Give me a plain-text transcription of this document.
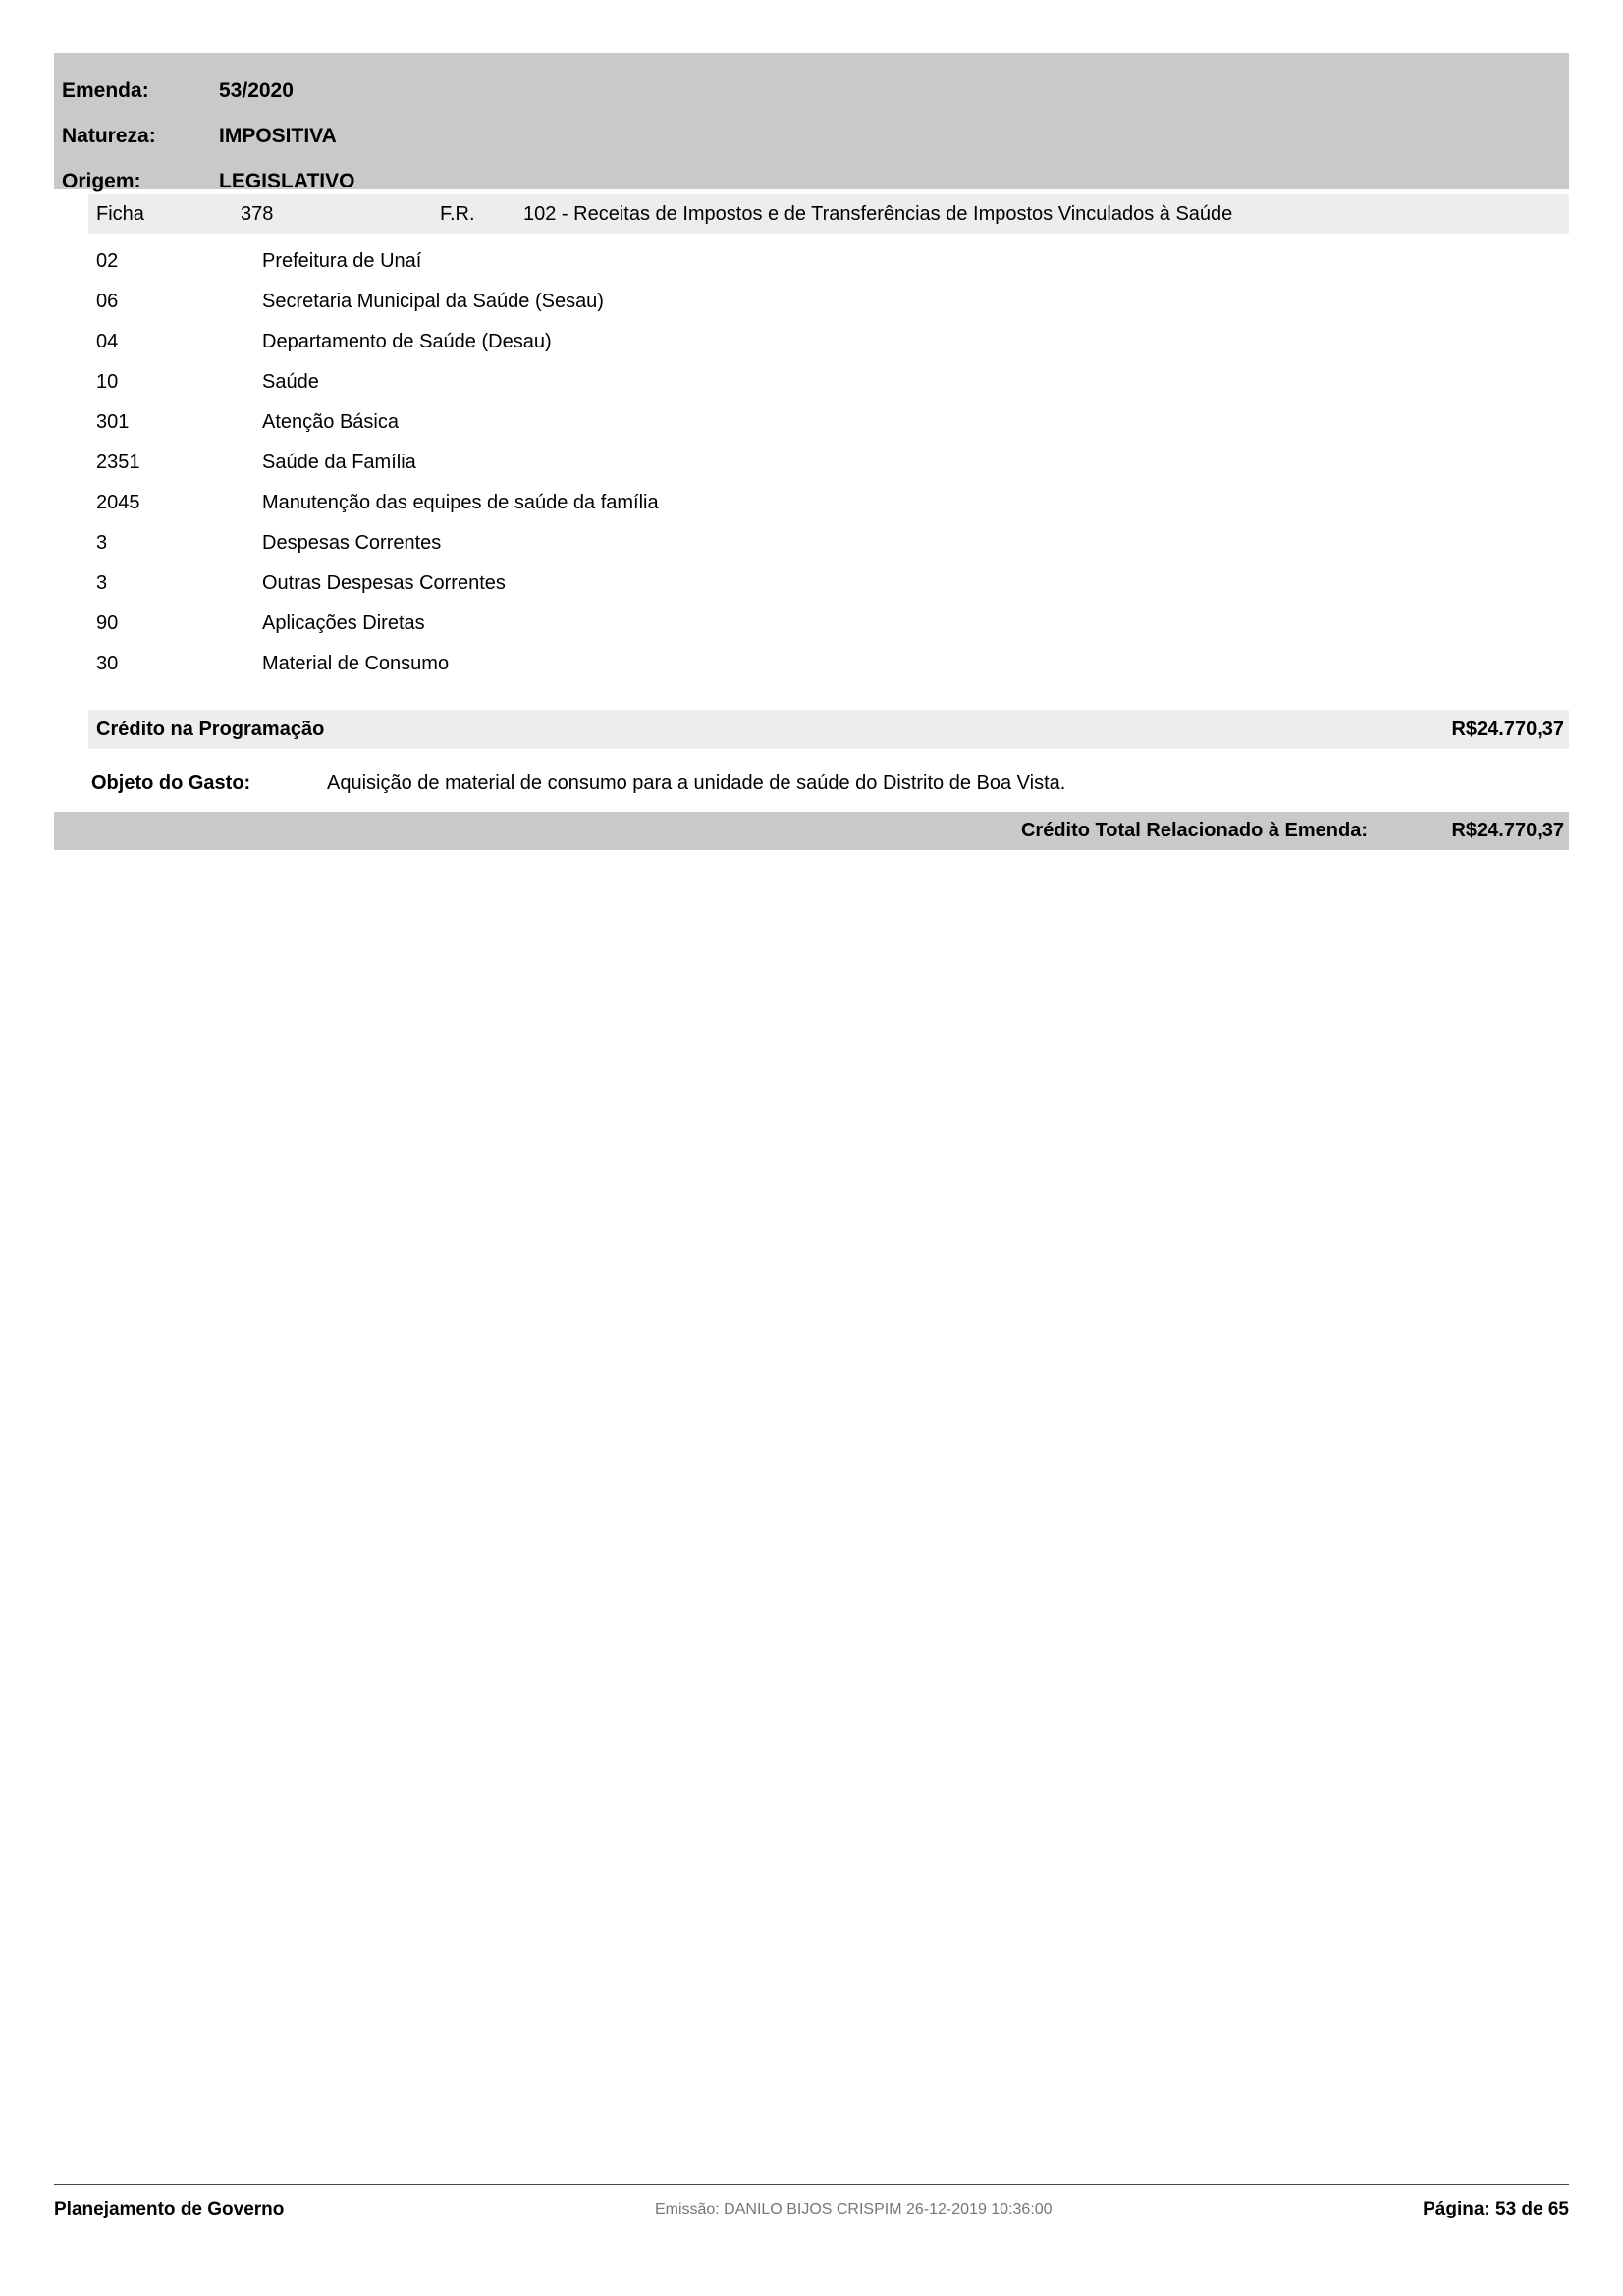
Emenda:	53/2020
Natureza:	IMPOSITIVA
Origem:	LEGISLATIVO
Ficha	378	F.R.	102 - Receitas de Impostos e de Transferências de Impostos Vinculados à Saúde
02	Prefeitura de Unaí
06	Secretaria Municipal da Saúde (Sesau)
04	Departamento de Saúde (Desau)
10	Saúde
301	Atenção Básica
2351	Saúde da Família
2045	Manutenção das equipes de saúde da família
3	Despesas Correntes
3	Outras Despesas Correntes
90	Aplicações Diretas
30	Material de Consumo
Crédito na Programação	R$24.770,37
Objeto do Gasto:	Aquisição de material de consumo para a unidade de saúde do Distrito de Boa Vista.
Crédito Total Relacionado à Emenda:	R$24.770,37
Planejamento de Governo	Emissão: DANILO BIJOS CRISPIM 26-12-2019 10:36:00	Página: 53 de 65
